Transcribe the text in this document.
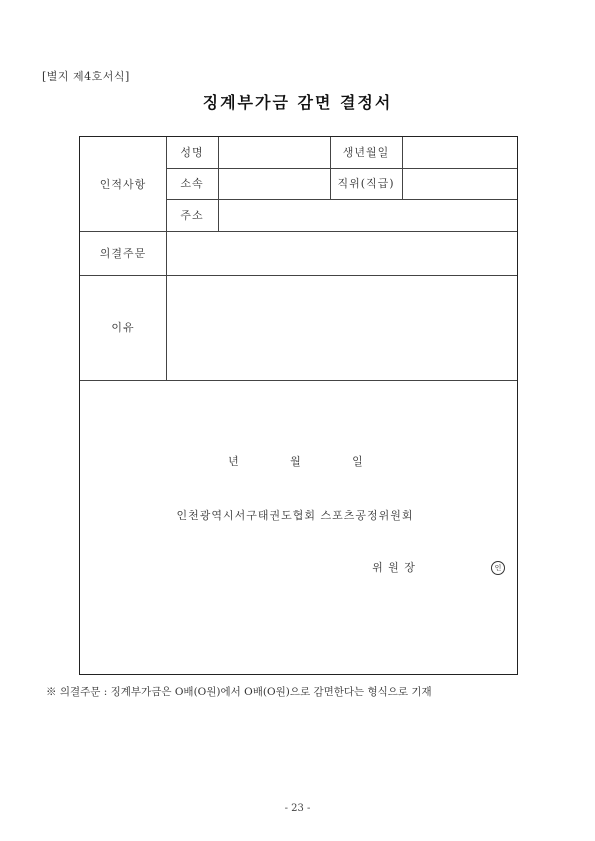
[별지 제4호서식]
징계부가금 감면 결정서
인적사항
성명	생년월일
소속	직위(직급)
주소
의결주문
이유
년	월	일
인천광역시서구태권도협회 스포츠공정위원회
위 원 장	인
※ 의결주문 : 징계부가금은 O배(O원)에서 O배(O원)으로 감면한다는 형식으로 기재
- 23 -
